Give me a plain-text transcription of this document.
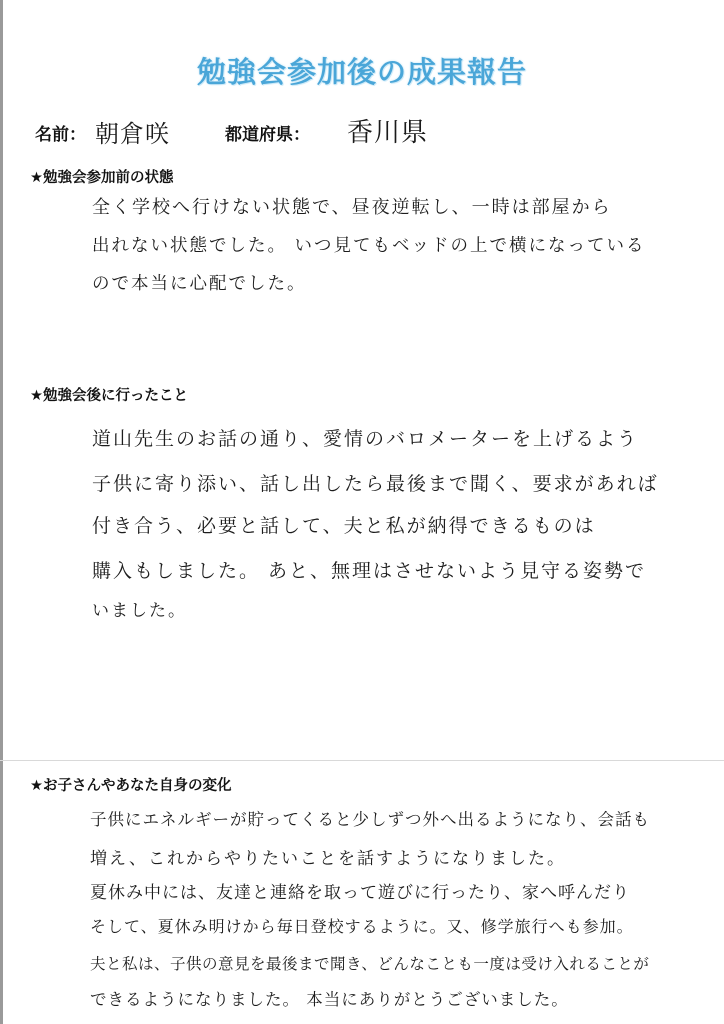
勉強会参加後の成果報告
名前： 朝倉咲	都道府県： 香川県
★勉強会参加前の状態
全く学校へ行けない状態で、昼夜逆転し、一時は部屋から
出れない状態でした。 いつ見てもベッドの上で横になっている
ので本当に心配でした。
★勉強会後に行ったこと
道山先生のお話の通り、愛情のバロメーターを上げるよう
子供に寄り添い、話し出したら最後まで聞く、要求があれば
付き合う、必要と話して、夫と私が納得できるものは
購入もしました。 あと、無理はさせないよう見守る姿勢で
いました。
★お子さんやあなた自身の変化
子供にエネルギーが貯ってくると少しずつ外へ出るようになり、会話も
増え、これからやりたいことを話すようになりました。
夏休み中には、友達と連絡を取って遊びに行ったり、家へ呼んだり
そして、夏休み明けから毎日登校するように。又、修学旅行へも参加。
夫と私は、子供の意見を最後まで聞き、どんなことも一度は受け入れることが
できるようになりました。 本当にありがとうございました。
